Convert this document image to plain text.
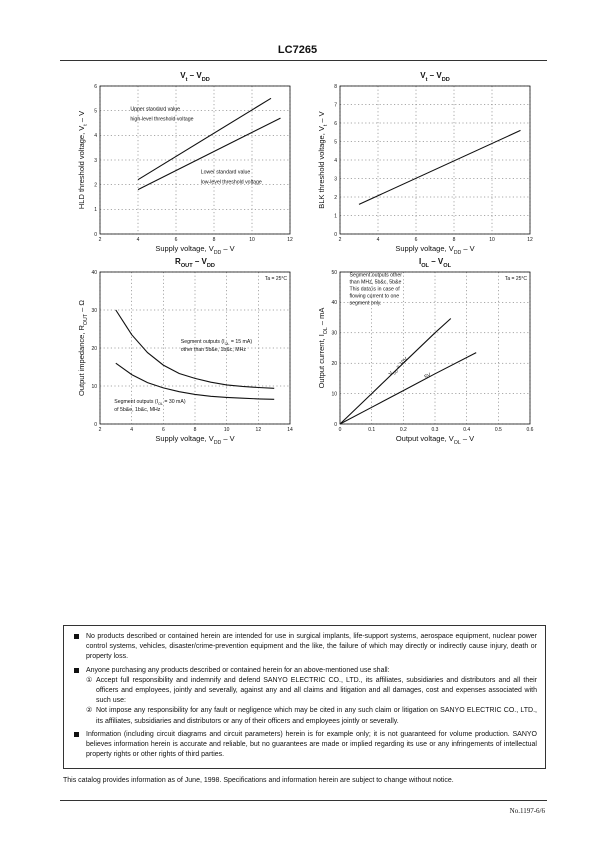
LC7265
2	4	6	8	10	12
0
1
2
3
4
5
6
$V_t - V_{DD}$
Supply voltage, $V_{DD}$ – V
HLD threshold voltage, $V_t$ – V
Upper standard value
high-level threshold voltage
Lower standard value
low-level threshold voltage
2	4	6	8	10	12
0
1
2
3
4
5
6
7
8
$V_t - V_{DD}$
Supply voltage, $V_{DD}$ – V
BLK threshold voltage, $V_t$ – V
2	4	6	8	10	12	14
0
10
20
30
40
$R_{OUT} - V_{DD}$
Supply voltage, $V_{DD}$ – V
Output impedance, $R_{OUT}$ – Ω
Ta = 25°C
Segment outputs ($I_{OL} = 15$ mA)
other than 5b&e, 1b&c, MHz
Segment outputs ($I_{OL} = 30$ mA)
of 5b&e, 1b&c, MHz
0	0.1	0.2	0.3	0.4	0.5	0.6
0
10
20
30
40
50
$I_{OL} - V_{OL}$
Output voltage, $V_{OL}$ – V
Output current, $I_{OL}$ – mA
Ta = 25°C
Segment outputs other
than MHz, 5b&c, 5b&e
This data is in case of
flowing current to one
segment only.
$V_{DD} = 10V$
5V
No products described or contained herein are intended for use in surgical implants, life-support systems, aerospace equipment, nuclear power control systems, vehicles, disaster/crime-prevention equipment and the like, the failure of which may directly or indirectly cause injury, death or property loss.
Anyone purchasing any products described or contained herein for an above-mentioned use shall:
① Accept full responsibility and indemnify and defend SANYO ELECTRIC CO., LTD., its affiliates, subsidiaries and distributors and all their officers and employees, jointly and severally, against any and all claims and litigation and all damages, cost and expenses associated with such use:
② Not impose any responsibility for any fault or negligence which may be cited in any such claim or litigation on SANYO ELECTRIC CO., LTD., its affiliates, subsidiaries and distributors or any of their officers and employees jointly or severally.
Information (including circuit diagrams and circuit parameters) herein is for example only; it is not guaranteed for volume production. SANYO believes information herein is accurate and reliable, but no guarantees are made or implied regarding its use or any infringements of intellectual property rights or other rights of third parties.
This catalog provides information as of June, 1998. Specifications and information herein are subject to change without notice.
No.1197-6/6
